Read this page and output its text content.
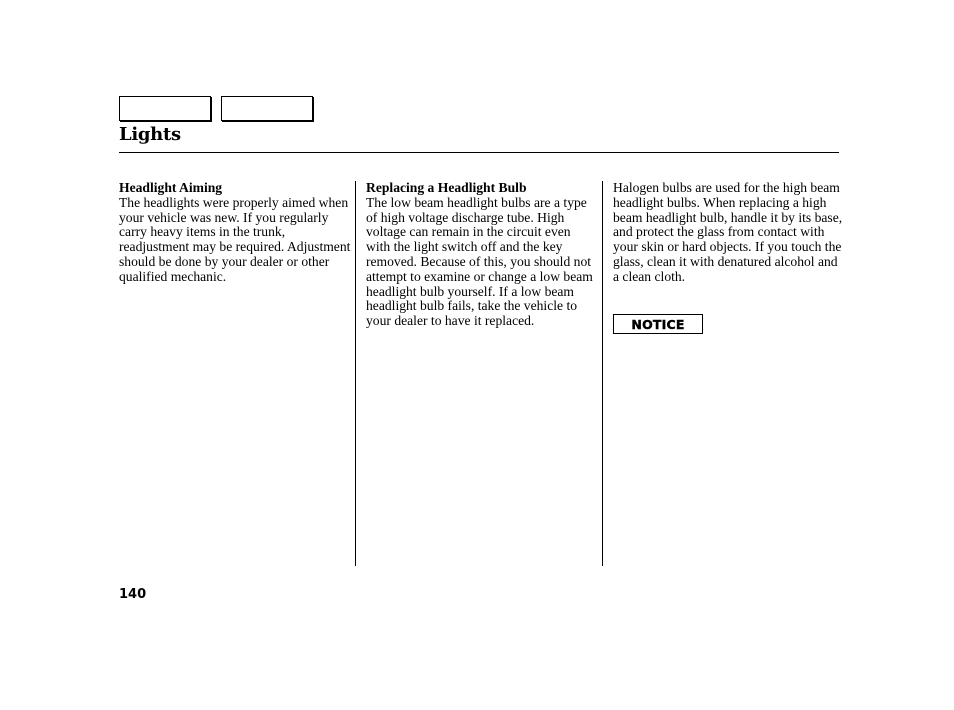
Lights
Headlight Aiming
The headlights were properly aimed when your vehicle was new. If you regularly carry heavy items in the trunk, readjustment may be required. Adjustment should be done by your dealer or other qualified mechanic.
Replacing a Headlight Bulb
The low beam headlight bulbs are a type of high voltage discharge tube. High voltage can remain in the circuit even with the light switch off and the key removed. Because of this, you should not attempt to examine or change a low beam headlight bulb yourself. If a low beam headlight bulb fails, take the vehicle to your dealer to have it replaced.
Halogen bulbs are used for the high beam headlight bulbs. When replacing a high beam headlight bulb, handle it by its base, and protect the glass from contact with your skin or hard objects. If you touch the glass, clean it with denatured alcohol and a clean cloth.
NOTICE
140
